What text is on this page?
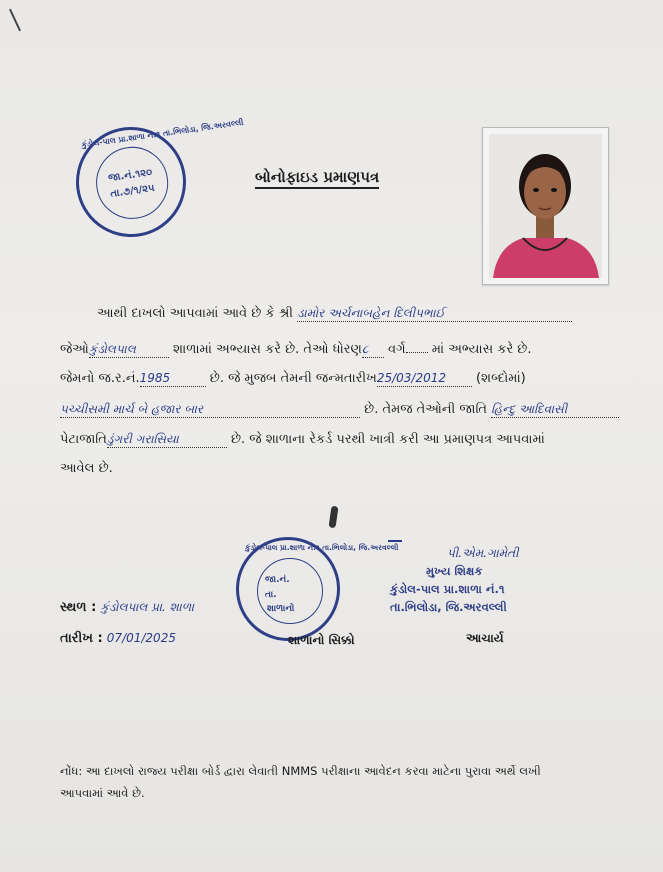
કુંડોલ-પાલ પ્રા.શાળા નં.૧ તા.ભિલોડા, જિ.અરવલ્લી
જા.નં.૧૨૦
તા.૭/૧/૨૫
બોનોફાઇડ પ્રમાણપત્ર
આથી દાખલો આપવામાં આવે છે કે શ્રી ડામોર અર્ચનાબહેન દિલીપભાઈ
જેઓકુંડોલપાલ	શાળામાં અભ્યાસ કરે છે. તેઓ ધોરણ૮ વર્ગ માં અભ્યાસ કરે છે.
જેમનો જ.ર.નં.1985	છે. જે મુજબ તેમની જન્મતારીખ25/03/2012 (શબ્દોમાં)
પચ્ચીસમી માર્ચ બે હજાર બાર	છે. તેમજ તેઓની જાતિ હિન્દુ આદિવાસી
પેટાજાતિડુંગરી ગરાસિયા	છે. જે શાળાના રેકર્ડ પરથી ખાત્રી કરી આ પ્રમાણપત્ર આપવામાં
આવેલ છે.
કુંડોલ-પાલ પ્રા.શાળા નં.૧ તા.ભિલોડા, જિ.અરવલ્લી
જા.નં.
તા.
શાળાનો
સ્થળ : કુંડોલપાલ પ્રા. શાળા
તારીખ : 07/01/2025	શાળાનો સિક્કો
પી.એમ.ગામેતી
મુખ્ય શિક્ષક
કુંડોલ-પાલ પ્રા.શાળા નં.૧
તા.ભિલોડા, જિ.અરવલ્લી
આચાર્ય
નોંધ: આ દાખલો રાજ્ય પરીક્ષા બોર્ડ દ્વારા લેવાતી NMMS પરીક્ષાના આવેદન કરવા માટેના પુરાવા અર્થે લખી
આપવામાં આવે છે.
